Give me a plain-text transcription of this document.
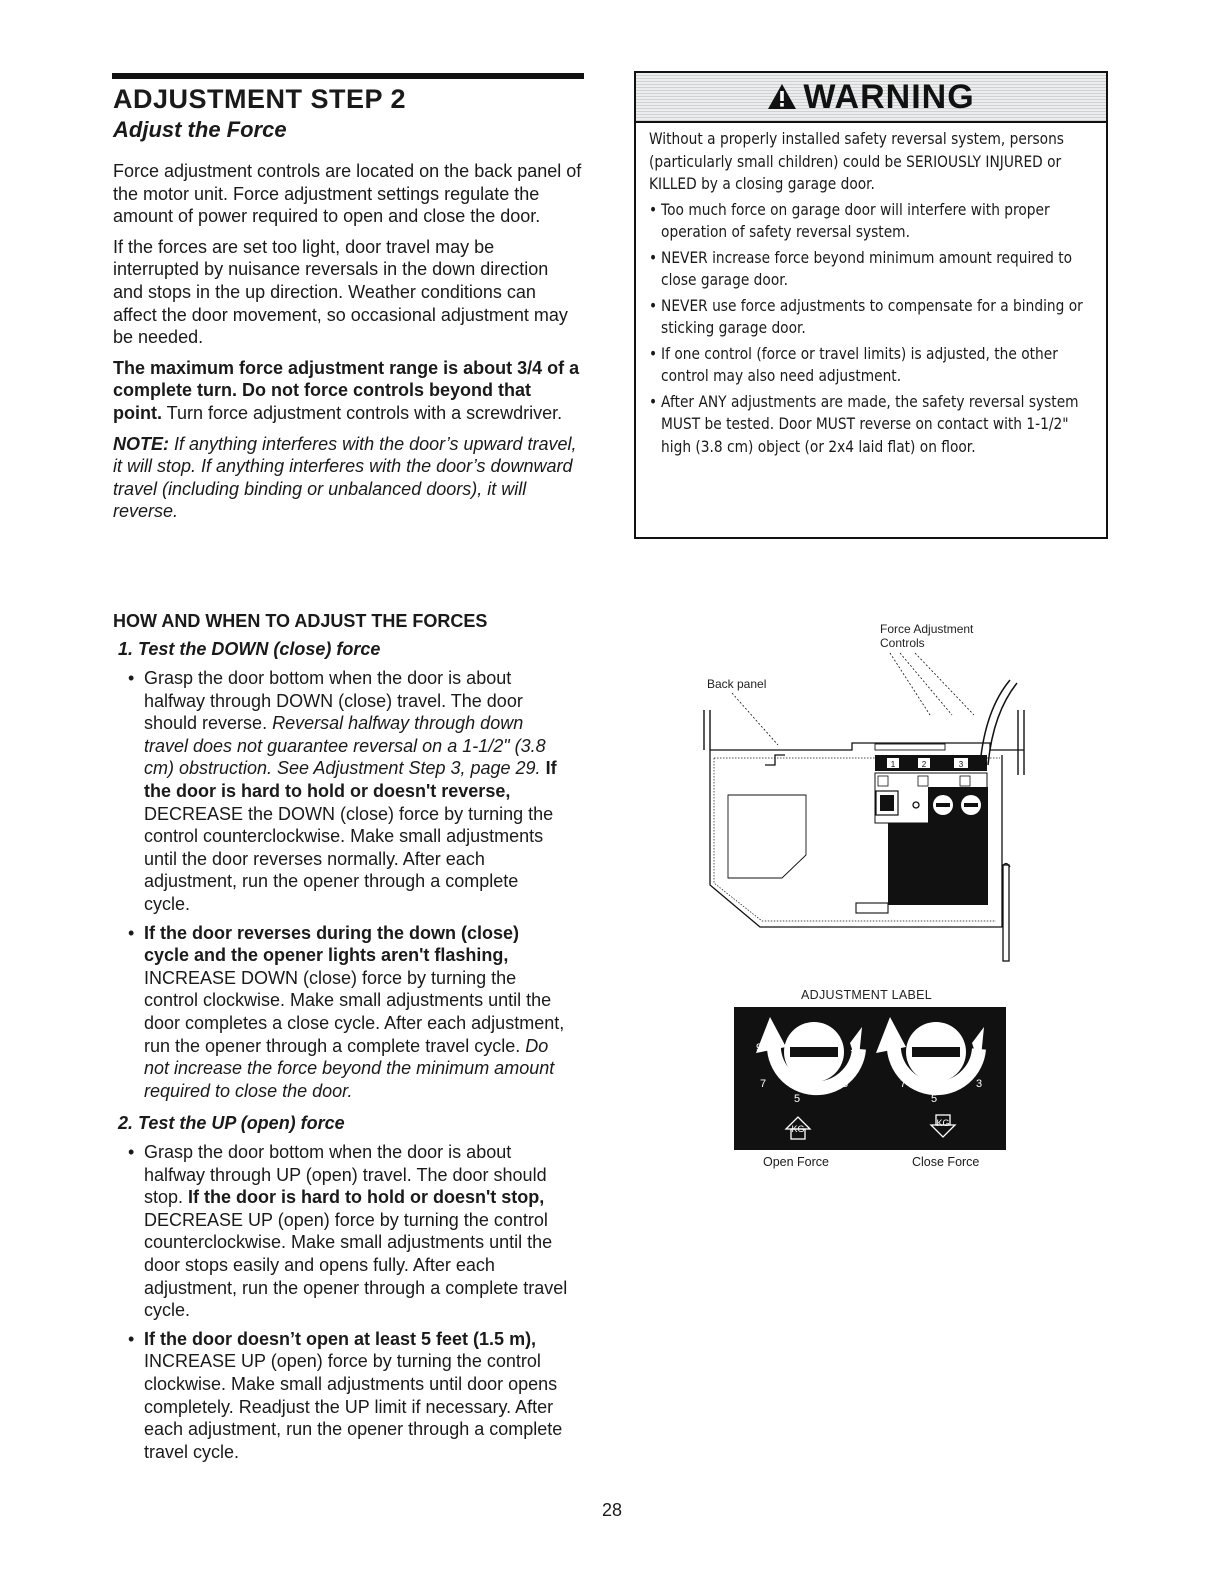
ADJUSTMENT STEP 2
Adjust the Force

Force adjustment controls are located on the back panel of the motor unit. Force adjustment settings regulate the amount of power required to open and close the door.

If the forces are set too light, door travel may be interrupted by nuisance reversals in the down direction and stops in the up direction. Weather conditions can affect the door movement, so occasional adjustment may be needed.

The maximum force adjustment range is about 3/4 of a complete turn. Do not force controls beyond that point. Turn force adjustment controls with a screwdriver.

NOTE: If anything interferes with the door’s upward travel, it will stop. If anything interferes with the door’s downward travel (including binding or unbalanced doors), it will reverse.

WARNING

Without a properly installed safety reversal system, persons (particularly small children) could be SERIOUSLY INJURED or KILLED by a closing garage door.

• Too much force on garage door will interfere with proper operation of safety reversal system.
• NEVER increase force beyond minimum amount required to close garage door.
• NEVER use force adjustments to compensate for a binding or sticking garage door.
• If one control (force or travel limits) is adjusted, the other control may also need adjustment.
• After ANY adjustments are made, the safety reversal system MUST be tested. Door MUST reverse on contact with 1-1/2" high (3.8 cm) object (or 2x4 laid flat) on floor.
HOW AND WHEN TO ADJUST THE FORCES
1. Test the DOWN (close) force
• Grasp the door bottom when the door is about halfway through DOWN (close) travel. The door should reverse. Reversal halfway through down travel does not guarantee reversal on a 1-1/2" (3.8 cm) obstruction. See Adjustment Step 3, page 29. If the door is hard to hold or doesn't reverse, DECREASE the DOWN (close) force by turning the control counterclockwise. Make small adjustments until the door reverses normally. After each adjustment, run the opener through a complete cycle.
• If the door reverses during the down (close) cycle and the opener lights aren't flashing, INCREASE DOWN (close) force by turning the control clockwise. Make small adjustments until the door completes a close cycle. After each adjustment, run the opener through a complete travel cycle. Do not increase the force beyond the minimum amount required to close the door.
2. Test the UP (open) force
• Grasp the door bottom when the door is about halfway through UP (open) travel. The door should stop. If the door is hard to hold or doesn't stop, DECREASE UP (open) force by turning the control counterclockwise. Make small adjustments until the door stops easily and opens fully. After each adjustment, run the opener through a complete travel cycle.
• If the door doesn’t open at least 5 feet (1.5 m), INCREASE UP (open) force by turning the control clockwise. Make small adjustments until door opens completely. Readjust the UP limit if necessary. After each adjustment, run the opener through a complete travel cycle.
Force Adjustment
Controls
Back panel
1	2	3
ADJUSTMENT LABEL
9	1
7	3
5
KG
9	1
7	3
5
KG
Open Force	Close Force
28
